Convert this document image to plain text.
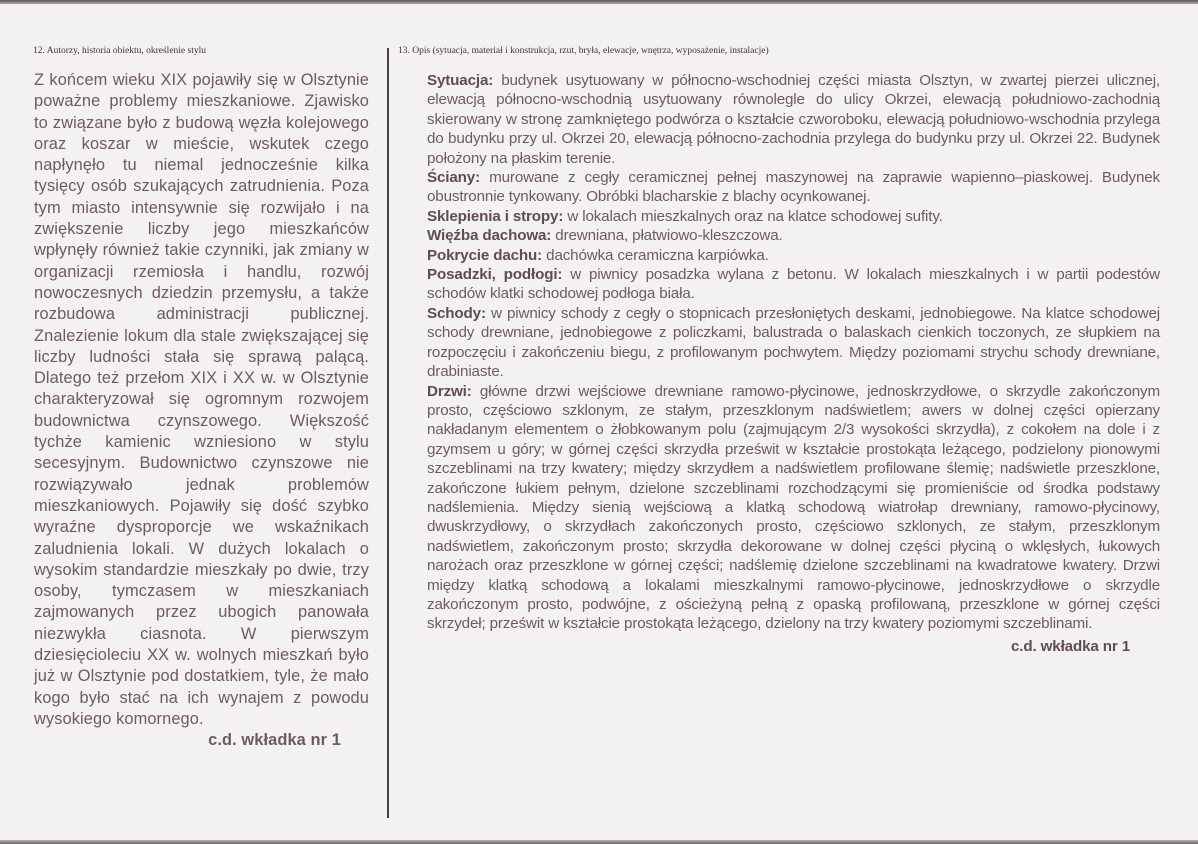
12. Autorzy, historia obiektu, określenie stylu	13. Opis (sytuacja, materiał i konstrukcja, rzut, bryła, elewacje, wnętrza, wyposażenie, instalacje)

Z końcem wieku XIX pojawiły się w Olsztynie poważne problemy mieszkaniowe. Zjawisko to związane było z budową węzła kolejowego oraz koszar w mieście, wskutek czego napłynęło tu niemal jednocześnie kilka tysięcy osób szukających zatrudnienia. Poza tym miasto intensywnie się rozwijało i na zwiększenie liczby jego mieszkańców wpłynęły również takie czynniki, jak zmiany w organizacji rzemiosła i handlu, rozwój nowoczesnych dziedzin przemysłu, a także rozbudowa administracji publicznej. Znalezienie lokum dla stale zwiększającej się liczby ludności stała się sprawą palącą. Dlatego też przełom XIX i XX w. w Olsztynie charakteryzował się ogromnym rozwojem budownictwa czynszowego. Większość tychże kamienic wzniesiono w stylu secesyjnym. Budownictwo czynszowe nie rozwiązywało jednak problemów mieszkaniowych. Pojawiły się dość szybko wyraźne dysproporcje we wskaźnikach zaludnienia lokali. W dużych lokalach o wysokim standardzie mieszkały po dwie, trzy osoby, tymczasem w mieszkaniach zajmowanych przez ubogich panowała niezwykła ciasnota. W pierwszym dziesięcioleciu XX w. wolnych mieszkań było już w Olsztynie pod dostatkiem, tyle, że mało kogo było stać na ich wynajem z powodu wysokiego komornego.

c.d. wkładka nr 1

Sytuacja: budynek usytuowany w północno-wschodniej części miasta Olsztyn, w zwartej pierzei ulicznej, elewacją północno-wschodnią usytuowany równolegle do ulicy Okrzei, elewacją południowo-zachodnią skierowany w stronę zamkniętego podwórza o kształcie czworoboku, elewacją południowo-wschodnia przylega do budynku przy ul. Okrzei 20, elewacją północno-zachodnia przylega do budynku przy ul. Okrzei 22. Budynek położony na płaskim terenie.

Ściany: murowane z cegły ceramicznej pełnej maszynowej na zaprawie wapienno–piaskowej. Budynek obustronnie tynkowany. Obróbki blacharskie z blachy ocynkowanej.

Sklepienia i stropy: w lokalach mieszkalnych oraz na klatce schodowej sufity.

Więźba dachowa: drewniana, płatwiowo-kleszczowa.

Pokrycie dachu: dachówka ceramiczna karpiówka.

Posadzki, podłogi: w piwnicy posadzka wylana z betonu. W lokalach mieszkalnych i w partii podestów schodów klatki schodowej podłoga biała.

Schody: w piwnicy schody z cegły o stopnicach przesłoniętych deskami, jednobiegowe. Na klatce schodowej schody drewniane, jednobiegowe z policzkami, balustrada o balaskach cienkich toczonych, ze słupkiem na rozpoczęciu i zakończeniu biegu, z profilowanym pochwytem. Między poziomami strychu schody drewniane, drabiniaste.

Drzwi: główne drzwi wejściowe drewniane ramowo-płycinowe, jednoskrzydłowe, o skrzydle zakończonym prosto, częściowo szklonym, ze stałym, przeszklonym nadświetlem; awers w dolnej części opierzany nakładanym elementem o żłobkowanym polu (zajmującym 2/3 wysokości skrzydła), z cokołem na dole i z gzymsem u góry; w górnej części skrzydła prześwit w kształcie prostokąta leżącego, podzielony pionowymi szczeblinami na trzy kwatery; między skrzydłem a nadświetlem profilowane ślemię; nadświetle przeszklone, zakończone łukiem pełnym, dzielone szczeblinami rozchodzącymi się promieniście od środka podstawy nadślemienia. Między sienią wejściową a klatką schodową wiatrołap drewniany, ramowo-płycinowy, dwuskrzydłowy, o skrzydłach zakończonych prosto, częściowo szklonych, ze stałym, przeszklonym nadświetlem, zakończonym prosto; skrzydła dekorowane w dolnej części płyciną o wklęsłych, łukowych narożach oraz przeszklone w górnej części; nadślemię dzielone szczeblinami na kwadratowe kwatery. Drzwi między klatką schodową a lokalami mieszkalnymi ramowo-płycinowe, jednoskrzydłowe o skrzydle zakończonym prosto, podwójne, z ościeżyną pełną z opaską profilowaną, przeszklone w górnej części skrzydeł; prześwit w kształcie prostokąta leżącego, dzielony na trzy kwatery poziomymi szczeblinami.

c.d. wkładka nr 1
